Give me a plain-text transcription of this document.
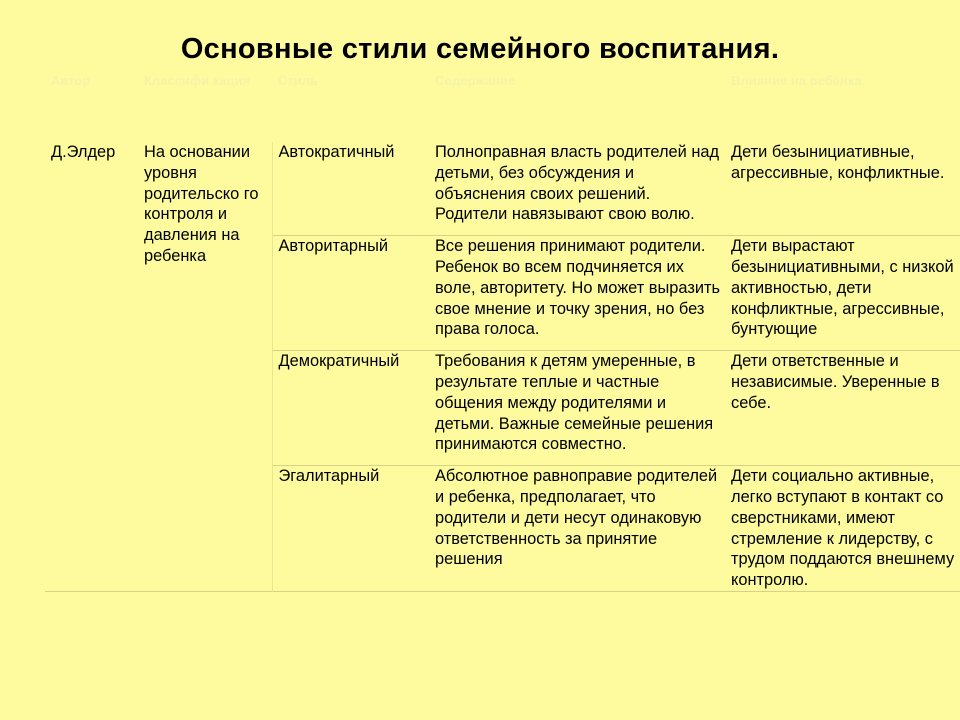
Основные стили семейного воспитания.
Автор	Классифи кация	Стиль	Содержание	Влияние на ребёнка
Д.Элдер	На основании уровня родительско го контроля и давления на ребенка	Автократичный	Полноправная власть родителей над детьми, без обсуждения и объяснения своих решений. Родители навязывают свою волю.	Дети безынициативные, агрессивные, конфликтные.
		Авторитарный	Все решения принимают родители. Ребенок во всем подчиняется их воле, авторитету. Но может выразить свое мнение и точку зрения, но без права голоса.	Дети вырастают безынициативными, с низкой активностью, дети конфликтные, агрессивные, бунтующие
		Демократичный	Требования к детям умеренные, в результате теплые и частные общения между родителями и детьми. Важные семейные решения принимаются совместно.	Дети ответственные и независимые. Уверенные в себе.
		Эгалитарный	Абсолютное равноправие родителей и ребенка, предполагает, что родители и дети несут одинаковую ответственность за принятие решения	Дети социально активные, легко вступают в контакт со сверстниками, имеют стремление к лидерству, с трудом поддаются внешнему контролю.
